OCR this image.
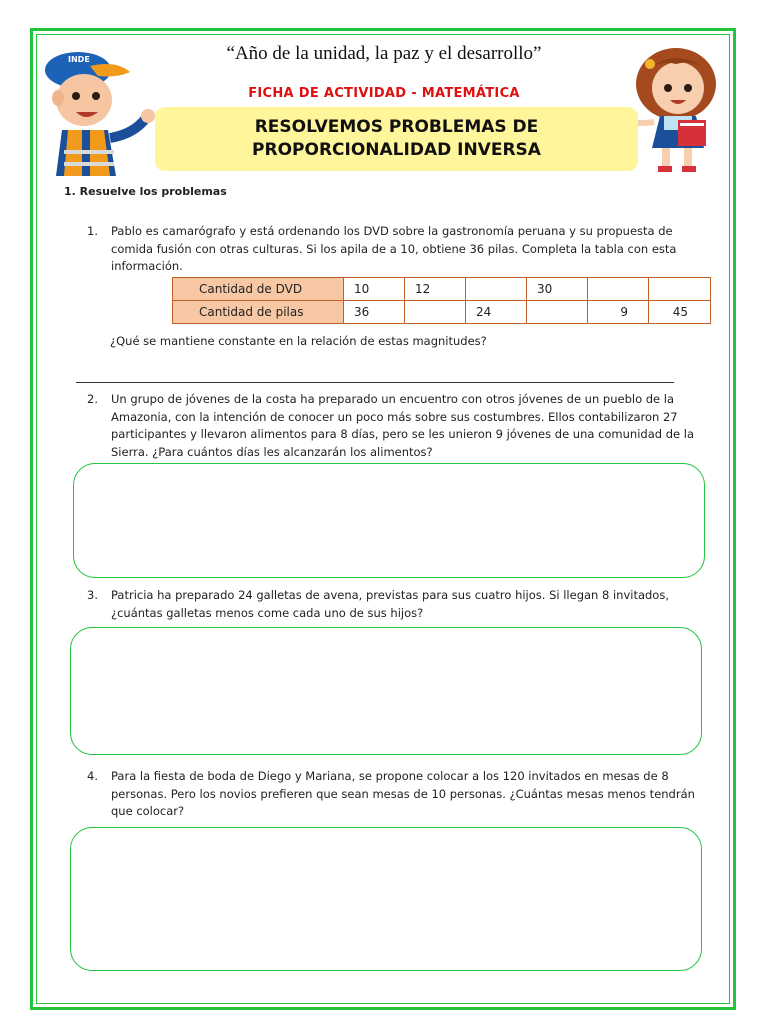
INDE	“Año de la unidad, la paz y el desarrollo”
FICHA DE ACTIVIDAD - MATEMÁTICA
RESOLVEMOS PROBLEMAS DE
PROPORCIONALIDAD INVERSA
1. Resuelve los problemas
1. Pablo es camarógrafo y está ordenando los DVD sobre la gastronomía peruana y su propuesta de
comida fusión con otras culturas. Si los apila de a 10, obtiene 36 pilas. Completa la tabla con esta
información.
Cantidad de DVD	10	12		30		
Cantidad de pilas	36		24		9	45
¿Qué se mantiene constante en la relación de estas magnitudes?
2. Un grupo de jóvenes de la costa ha preparado un encuentro con otros jóvenes de un pueblo de la
Amazonia, con la intención de conocer un poco más sobre sus costumbres. Ellos contabilizaron 27
participantes y llevaron alimentos para 8 días, pero se les unieron 9 jóvenes de una comunidad de la
Sierra. ¿Para cuántos días les alcanzarán los alimentos?
3. Patricia ha preparado 24 galletas de avena, previstas para sus cuatro hijos. Si llegan 8 invitados,
¿cuántas galletas menos come cada uno de sus hijos?
4. Para la fiesta de boda de Diego y Mariana, se propone colocar a los 120 invitados en mesas de 8
personas. Pero los novios prefieren que sean mesas de 10 personas. ¿Cuántas mesas menos tendrán
que colocar?
